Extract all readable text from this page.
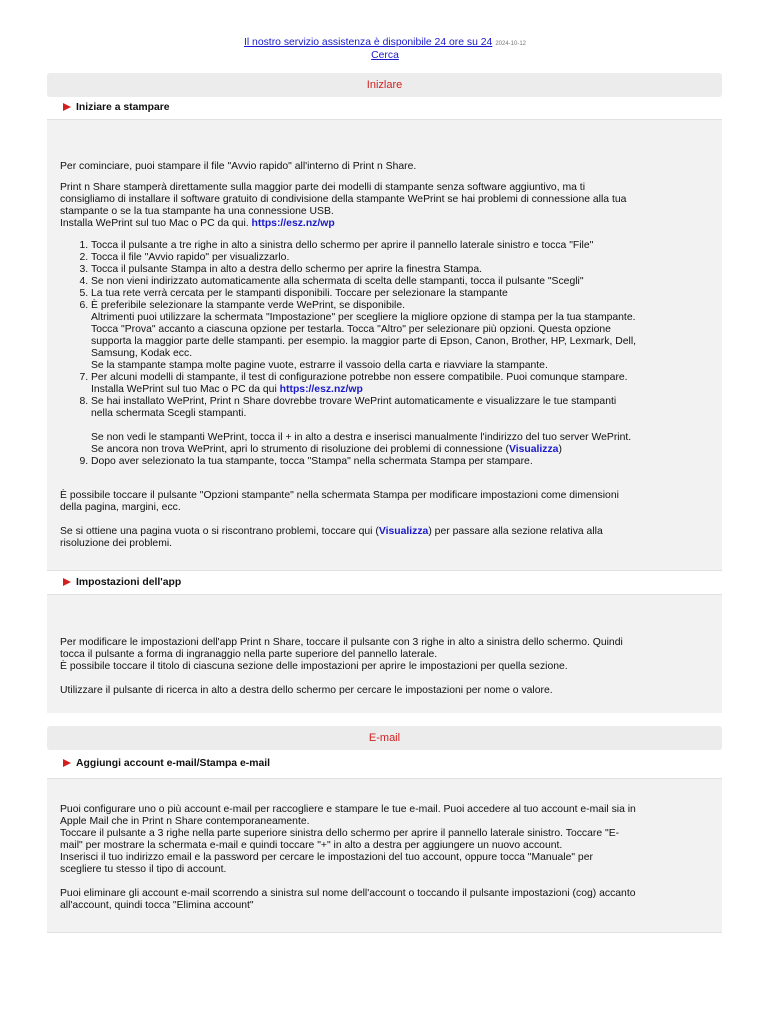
Il nostro servizio assistenza è disponibile 24 ore su 24 2024-10-12
Cerca
Inizlare
Iniziare a stampare

Per cominciare, puoi stampare il file "Avvio rapido" all'interno di Print n Share.

Print n Share stamperà direttamente sulla maggior parte dei modelli di stampante senza software aggiuntivo, ma ti
consigliamo di installare il software gratuito di condivisione della stampante WePrint se hai problemi di connessione alla tua
stampante o se la tua stampante ha una connessione USB.
Installa WePrint sul tuo Mac o PC da qui. https://esz.nz/wp

1. Tocca il pulsante a tre righe in alto a sinistra dello schermo per aprire il pannello laterale sinistro e tocca "File"
2. Tocca il file "Avvio rapido" per visualizzarlo.
3. Tocca il pulsante Stampa in alto a destra dello schermo per aprire la finestra Stampa.
4. Se non vieni indirizzato automaticamente alla schermata di scelta delle stampanti, tocca il pulsante "Scegli"
5. La tua rete verrà cercata per le stampanti disponibili. Toccare per selezionare la stampante
6. È preferibile selezionare la stampante verde WePrint, se disponibile.
Altrimenti puoi utilizzare la schermata "Impostazione" per scegliere la migliore opzione di stampa per la tua stampante.
Tocca "Prova" accanto a ciascuna opzione per testarla. Tocca "Altro" per selezionare più opzioni. Questa opzione
supporta la maggior parte delle stampanti. per esempio. la maggior parte di Epson, Canon, Brother, HP, Lexmark, Dell,
Samsung, Kodak ecc.
Se la stampante stampa molte pagine vuote, estrarre il vassoio della carta e riavviare la stampante.
7. Per alcuni modelli di stampante, il test di configurazione potrebbe non essere compatibile. Puoi comunque stampare.
Installa WePrint sul tuo Mac o PC da qui https://esz.nz/wp
8. Se hai installato WePrint, Print n Share dovrebbe trovare WePrint automaticamente e visualizzare le tue stampanti
nella schermata Scegli stampanti.

Se non vedi le stampanti WePrint, tocca il + in alto a destra e inserisci manualmente l'indirizzo del tuo server WePrint.
Se ancora non trova WePrint, apri lo strumento di risoluzione dei problemi di connessione (Visualizza)
9. Dopo aver selezionato la tua stampante, tocca "Stampa" nella schermata Stampa per stampare.

È possibile toccare il pulsante "Opzioni stampante" nella schermata Stampa per modificare impostazioni come dimensioni
della pagina, margini, ecc.

Se si ottiene una pagina vuota o si riscontrano problemi, toccare qui (Visualizza) per passare alla sezione relativa alla
risoluzione dei problemi.

Impostazioni dell'app

Per modificare le impostazioni dell'app Print n Share, toccare il pulsante con 3 righe in alto a sinistra dello schermo. Quindi
tocca il pulsante a forma di ingranaggio nella parte superiore del pannello laterale.
È possibile toccare il titolo di ciascuna sezione delle impostazioni per aprire le impostazioni per quella sezione.

Utilizzare il pulsante di ricerca in alto a destra dello schermo per cercare le impostazioni per nome o valore.

E-mail
Aggiungi account e-mail/Stampa e-mail

Puoi configurare uno o più account e-mail per raccogliere e stampare le tue e-mail. Puoi accedere al tuo account e-mail sia in
Apple Mail che in Print n Share contemporaneamente.
Toccare il pulsante a 3 righe nella parte superiore sinistra dello schermo per aprire il pannello laterale sinistro. Toccare "E-
mail" per mostrare la schermata e-mail e quindi toccare "+" in alto a destra per aggiungere un nuovo account.
Inserisci il tuo indirizzo email e la password per cercare le impostazioni del tuo account, oppure tocca "Manuale" per
scegliere tu stesso il tipo di account.

Puoi eliminare gli account e-mail scorrendo a sinistra sul nome dell'account o toccando il pulsante impostazioni (cog) accanto
all'account, quindi tocca "Elimina account"
